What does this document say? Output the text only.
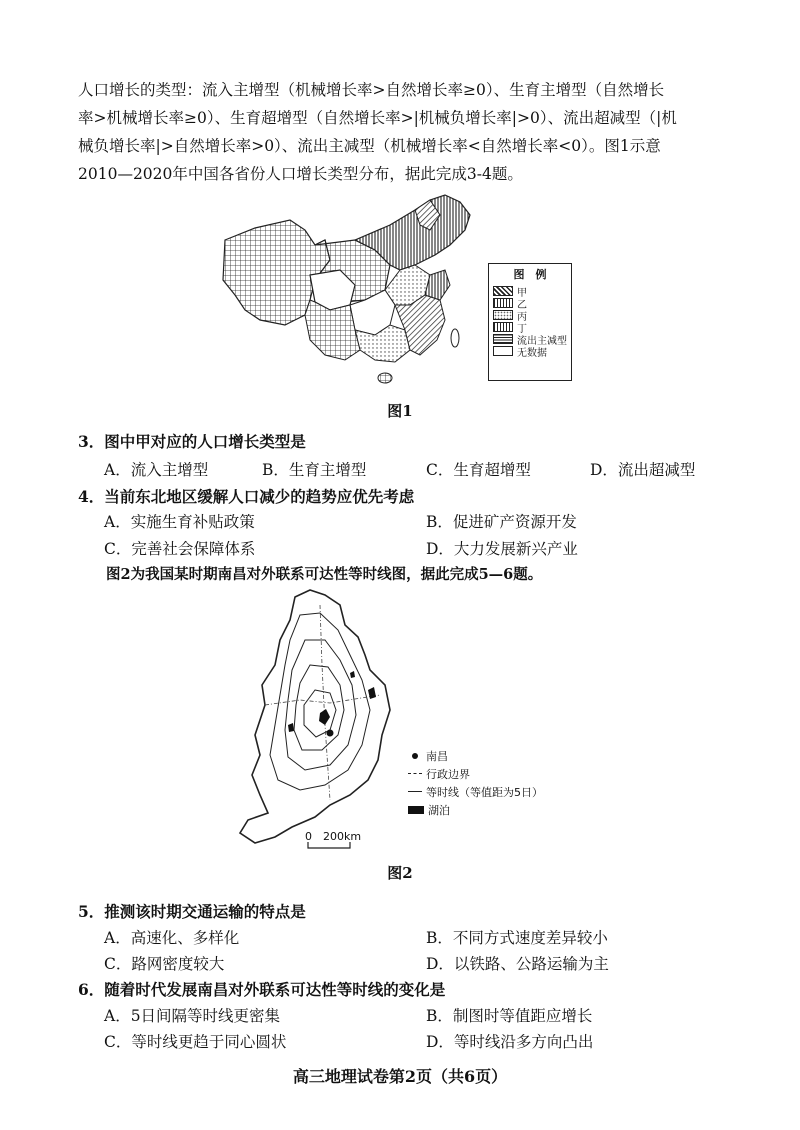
人口增长的类型：流入主增型（机械增长率>自然增长率≥0）、生育主增型（自然增长
率>机械增长率≥0）、生育超增型（自然增长率>|机械负增长率|>0）、流出超减型（|机
械负增长率|>自然增长率>0）、流出主减型（机械增长率<自然增长率<0）。图1示意
2010—2020年中国各省份人口增长类型分布，据此完成3-4题。
图　例
甲
乙
丙
丁
流出主减型
无数据
图1
3．图中甲对应的人口增长类型是
A．流入主增型	B．生育主增型	C．生育超增型	D．流出超减型
4．当前东北地区缓解人口减少的趋势应优先考虑
A．实施生育补贴政策	B．促进矿产资源开发
C．完善社会保障体系	D．大力发展新兴产业
图2为我国某时期南昌对外联系可达性等时线图，据此完成5—6题。
0　200km
南昌
行政边界
等时线（等值距为5日）
湖泊
图2
5．推测该时期交通运输的特点是
A．高速化、多样化	B．不同方式速度差异较小
C．路网密度较大	D．以铁路、公路运输为主
6．随着时代发展南昌对外联系可达性等时线的变化是
A．5日间隔等时线更密集	B．制图时等值距应增长
C．等时线更趋于同心圆状	D．等时线沿多方向凸出
高三地理试卷第2页（共6页）
